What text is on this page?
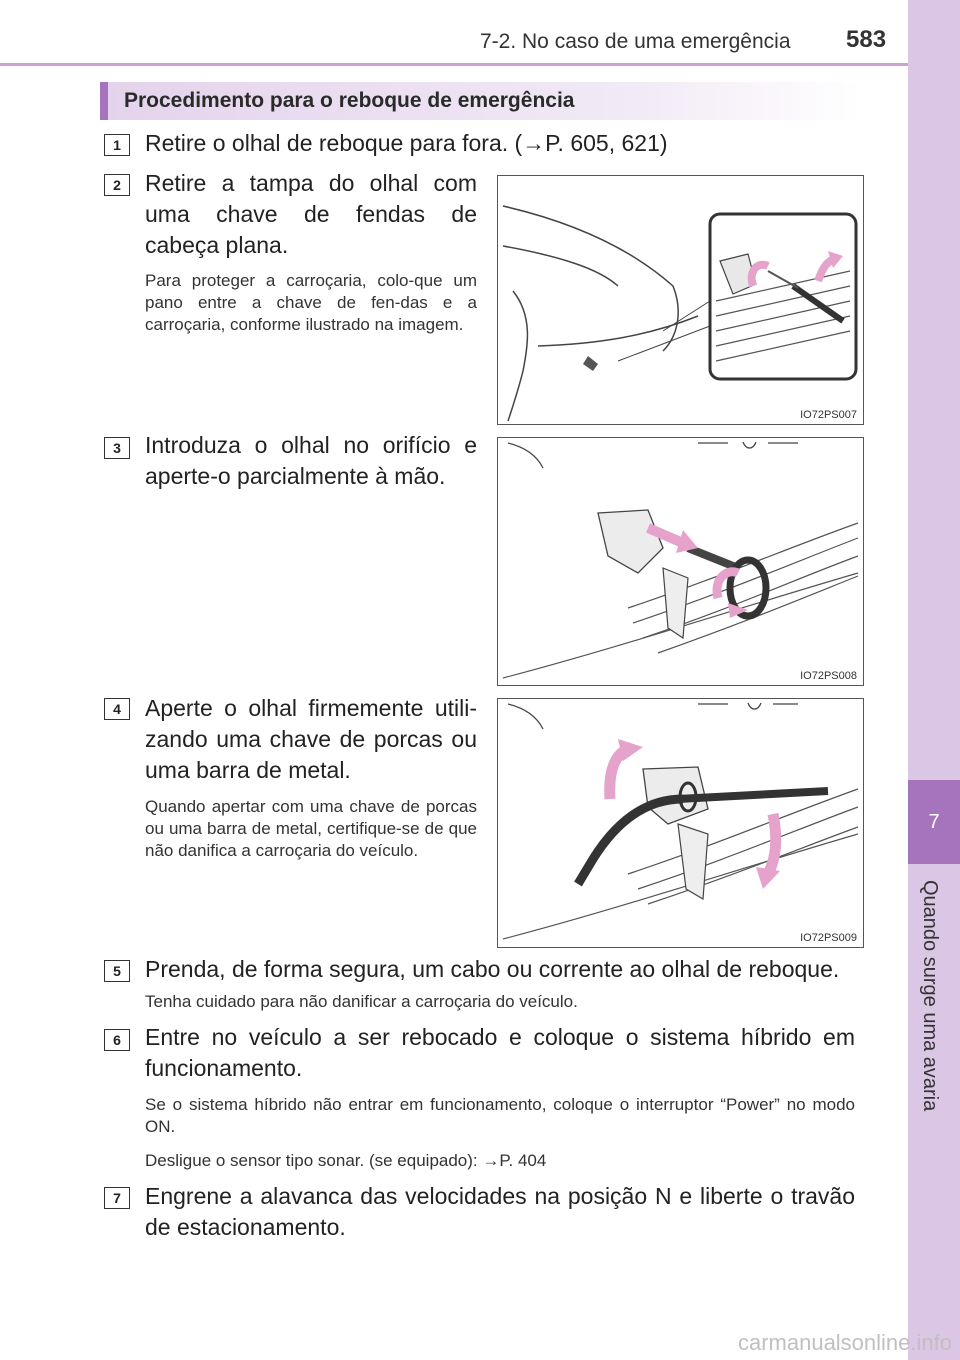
7-2. No caso de uma emergência 583
7
Quando surge uma avaria
Procedimento para o reboque de emergência
1	Retire o olhal de reboque para fora. (→P. 605, 621)
2	Retire a tampa do olhal com uma chave de fendas de cabeça plana.
Para proteger a carroçaria, colo-que um pano entre a chave de fen-das e a carroçaria, conforme ilustrado na imagem.
IO72PS007
3	Introduza o olhal no orifício e aperte-o parcialmente à mão.
IO72PS008
4	Aperte o olhal firmemente utili-zando uma chave de porcas ou uma barra de metal.
Quando apertar com uma chave de porcas ou uma barra de metal, certifique-se de que não danifica a carroçaria do veículo.
IO72PS009
5	Prenda, de forma segura, um cabo ou corrente ao olhal de reboque.
Tenha cuidado para não danificar a carroçaria do veículo.
6	Entre no veículo a ser rebocado e coloque o sistema híbrido em funcionamento.
Se o sistema híbrido não entrar em funcionamento, coloque o interruptor “Power” no modo ON.
Desligue o sensor tipo sonar. (se equipado): →P. 404
7	Engrene a alavanca das velocidades na posição N e liberte o travão de estacionamento.
carmanualsonline.info
